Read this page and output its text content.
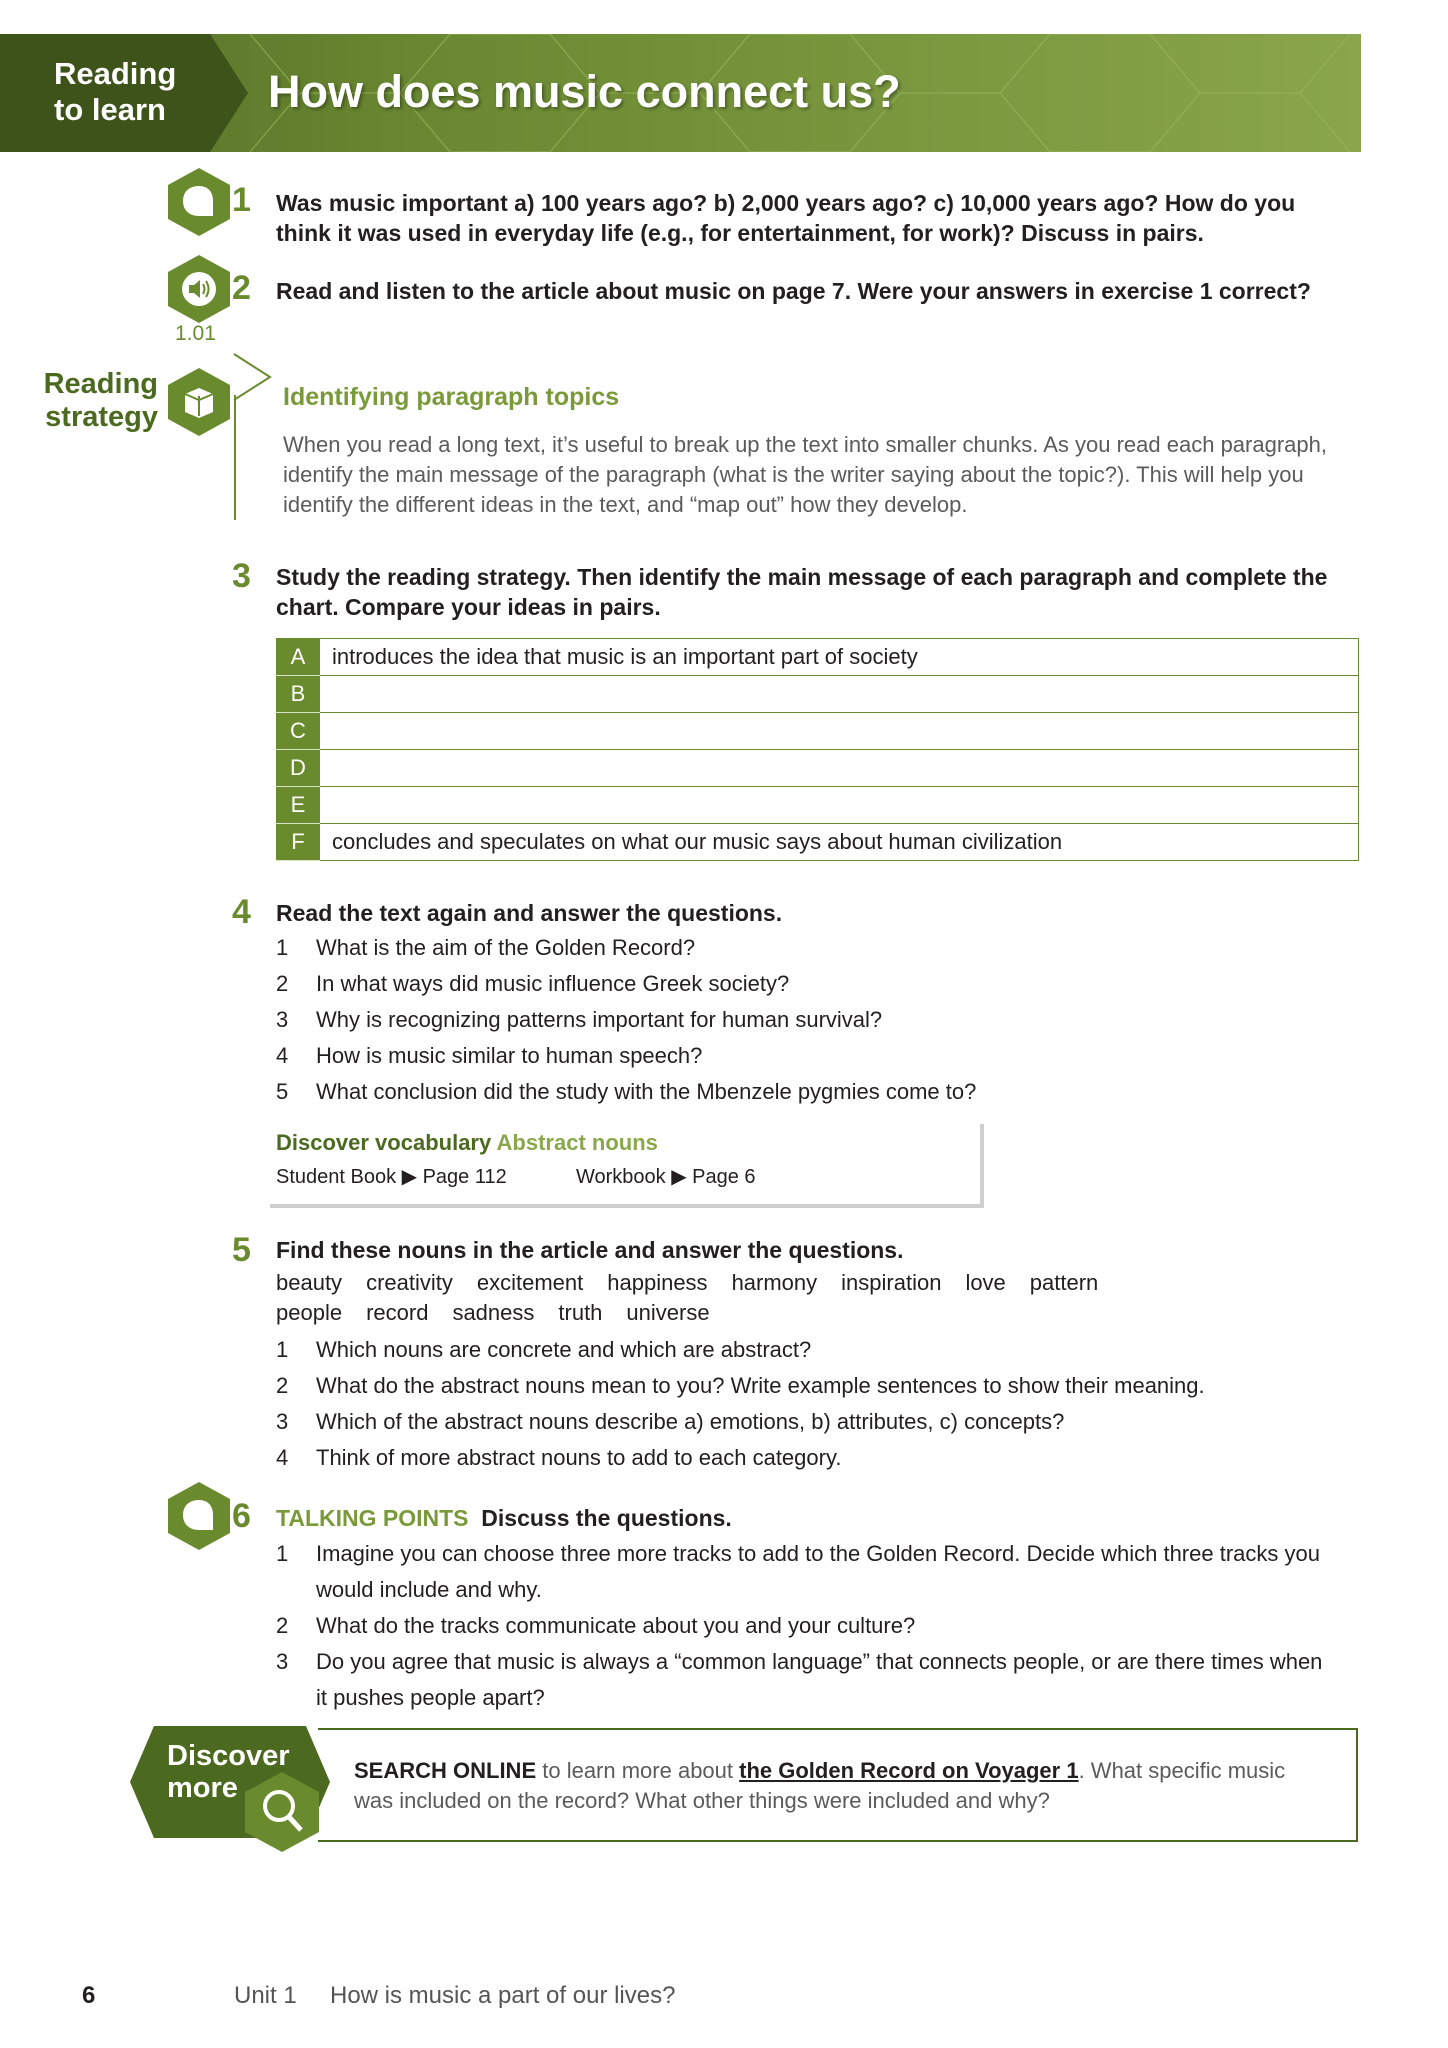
Reading
to learn How does music connect us?
1 Was music important a) 100 years ago? b) 2,000 years ago? c) 10,000 years ago? How do you think it was used in everyday life (e.g., for entertainment, for work)? Discuss in pairs.
1.01
2 Read and listen to the article about music on page 7. Were your answers in exercise 1 correct?
Reading
strategy
Identifying paragraph topics
When you read a long text, it’s useful to break up the text into smaller chunks. As you read each paragraph, identify the main message of the paragraph (what is the writer saying about the topic?). This will help you identify the different ideas in the text, and “map out” how they develop.
3 Study the reading strategy. Then identify the main message of each paragraph and complete the chart. Compare your ideas in pairs.
A	introduces the idea that music is an important part of society
B	
C	
D	
E	
F	concludes and speculates on what our music says about human civilization
4 Read the text again and answer the questions.
1	What is the aim of the Golden Record?
2	In what ways did music influence Greek society?
3	Why is recognizing patterns important for human survival?
4	How is music similar to human speech?
5	What conclusion did the study with the Mbenzele pygmies come to?
Discover vocabulary Abstract nouns
Student Book ▶ Page 112	Workbook ▶ Page 6
5 Find these nouns in the article and answer the questions.
beauty creativity excitement happiness harmony inspiration love pattern
people record sadness truth universe
1	Which nouns are concrete and which are abstract?
2	What do the abstract nouns mean to you? Write example sentences to show their meaning.
3	Which of the abstract nouns describe a) emotions, b) attributes, c) concepts?
4	Think of more abstract nouns to add to each category.
6 TALKING POINTS Discuss the questions.
1	Imagine you can choose three more tracks to add to the Golden Record. Decide which three tracks you
would include and why.
2	What do the tracks communicate about you and your culture?
3	Do you agree that music is always a “common language” that connects people, or are there times when
it pushes people apart?
Discover
more
SEARCH ONLINE to learn more about the Golden Record on Voyager 1. What specific music was included on the record? What other things were included and why?
6	Unit 1 How is music a part of our lives?
